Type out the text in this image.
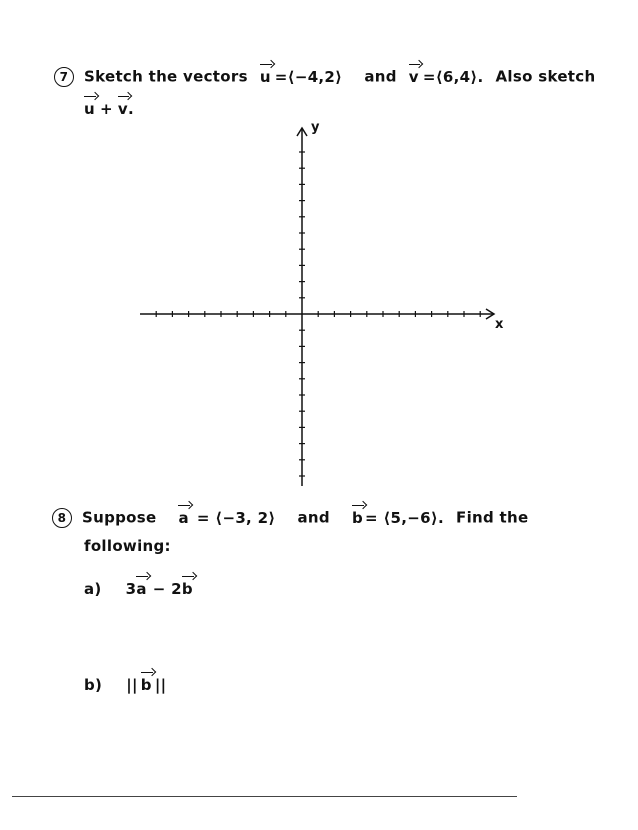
7 Sketch the vectors u =⟨−4,2⟩ and v =⟨6,4⟩. Also sketch
u + v.
x
y
8 Suppose a = ⟨−3, 2⟩ and b = ⟨5,−6⟩. Find the
following:
a) 3a − 2b
b) || b ||
